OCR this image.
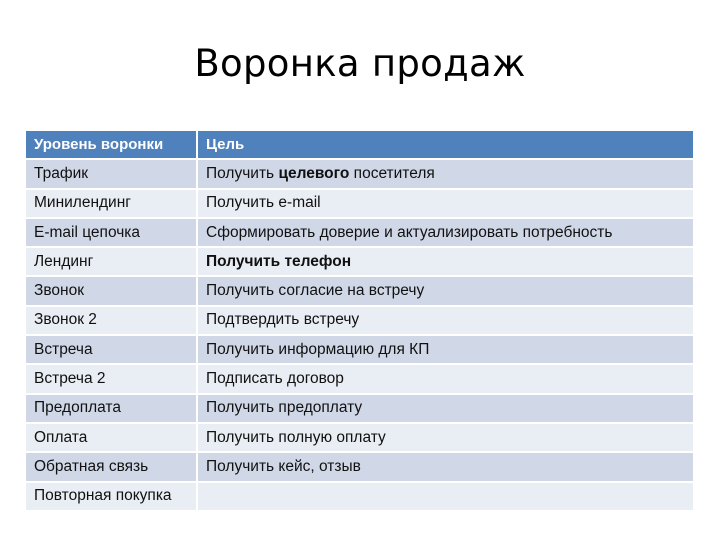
Воронка продаж
Уровень воронки	Цель
Трафик	Получить целевого посетителя
Минилендинг	Получить e-mail
E-mail цепочка	Сформировать доверие и актуализировать потребность
Лендинг	Получить телефон
Звонок	Получить согласие на встречу
Звонок 2	Подтвердить встречу
Встреча	Получить информацию для КП
Встреча 2	Подписать договор
Предоплата	Получить предоплату
Оплата	Получить полную оплату
Обратная связь	Получить кейс, отзыв
Повторная покупка	
